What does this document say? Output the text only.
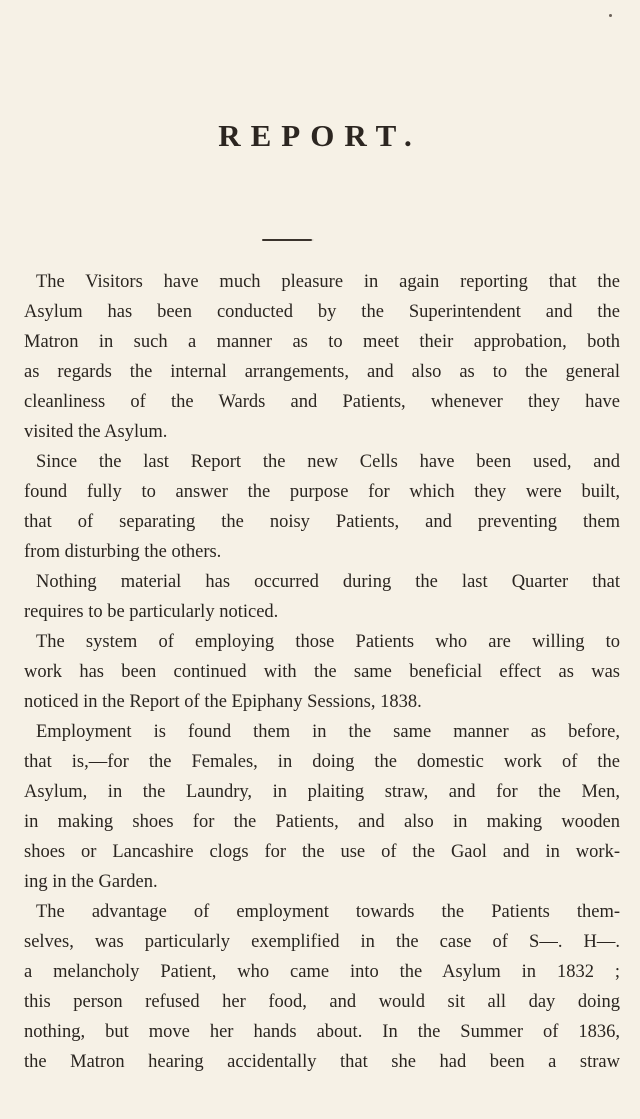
REPORT.
The Visitors have much pleasure in again reporting that the
Asylum has been conducted by the Superintendent and the
Matron in such a manner as to meet their approbation, both
as regards the internal arrangements, and also as to the general
cleanliness of the Wards and Patients, whenever they have
visited the Asylum.
Since the last Report the new Cells have been used, and
found fully to answer the purpose for which they were built,
that of separating the noisy Patients, and preventing them
from disturbing the others.
Nothing material has occurred during the last Quarter that
requires to be particularly noticed.
The system of employing those Patients who are willing to
work has been continued with the same beneficial effect as was
noticed in the Report of the Epiphany Sessions, 1838.
Employment is found them in the same manner as before,
that is,—for the Females, in doing the domestic work of the
Asylum, in the Laundry, in plaiting straw, and for the Men,
in making shoes for the Patients, and also in making wooden
shoes or Lancashire clogs for the use of the Gaol and in work-
ing in the Garden.
The advantage of employment towards the Patients them-
selves, was particularly exemplified in the case of S—. H—.
a melancholy Patient, who came into the Asylum in 1832 ;
this person refused her food, and would sit all day doing
nothing, but move her hands about. In the Summer of 1836,
the Matron hearing accidentally that she had been a straw
